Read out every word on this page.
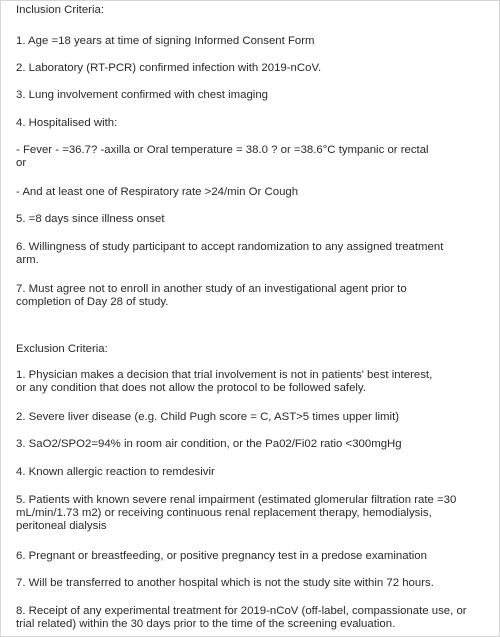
Inclusion Criteria:
1. Age =18 years at time of signing Informed Consent Form
2. Laboratory (RT-PCR) confirmed infection with 2019-nCoV.
3. Lung involvement confirmed with chest imaging
4. Hospitalised with:
- Fever - =36.7? -axilla or Oral temperature = 38.0 ? or =38.6°C tympanic or rectal
or
- And at least one of Respiratory rate >24/min Or Cough
5. =8 days since illness onset
6. Willingness of study participant to accept randomization to any assigned treatment
arm.
7. Must agree not to enroll in another study of an investigational agent prior to
completion of Day 28 of study.
Exclusion Criteria:
1. Physician makes a decision that trial involvement is not in patients' best interest,
or any condition that does not allow the protocol to be followed safely.
2. Severe liver disease (e.g. Child Pugh score = C, AST>5 times upper limit)
3. SaO2/SPO2=94% in room air condition, or the Pa02/Fi02 ratio <300mgHg
4. Known allergic reaction to remdesivir
5. Patients with known severe renal impairment (estimated glomerular filtration rate =30
mL/min/1.73 m2) or receiving continuous renal replacement therapy, hemodialysis,
peritoneal dialysis
6. Pregnant or breastfeeding, or positive pregnancy test in a predose examination
7. Will be transferred to another hospital which is not the study site within 72 hours.
8. Receipt of any experimental treatment for 2019-nCoV (off-label, compassionate use, or
trial related) within the 30 days prior to the time of the screening evaluation.
